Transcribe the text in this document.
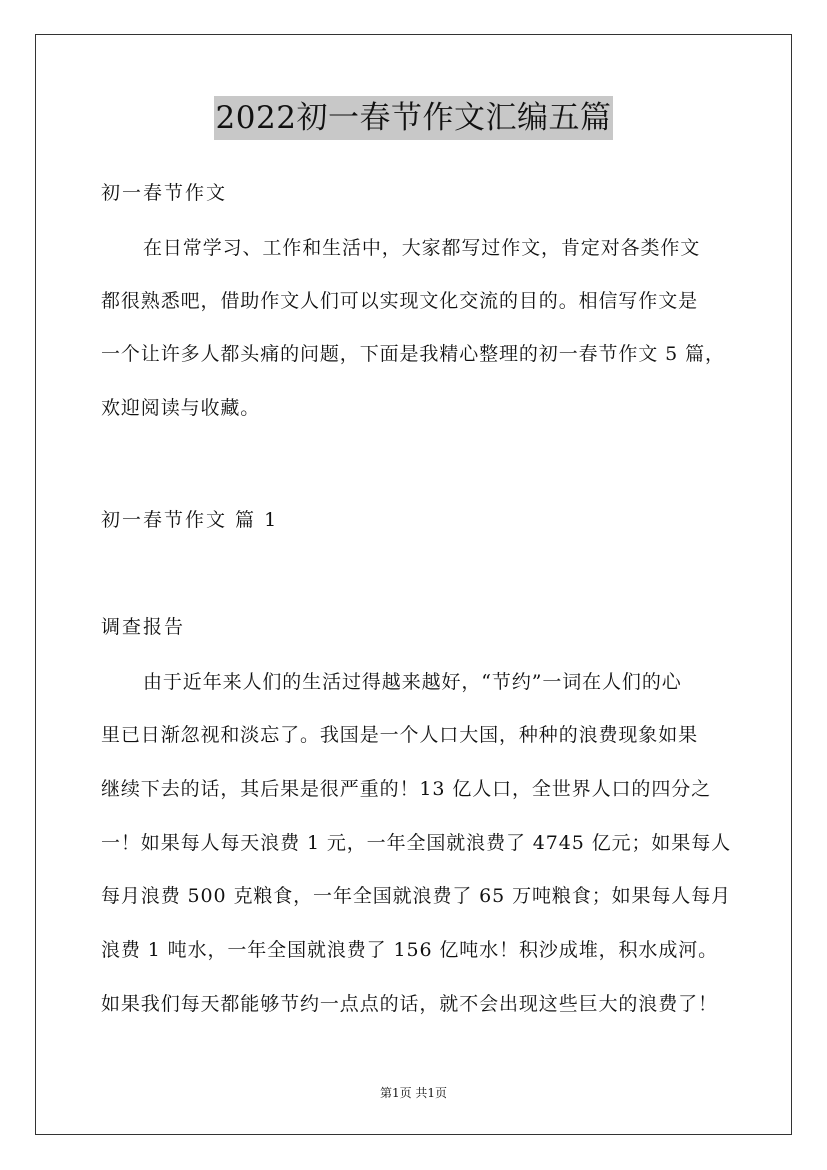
2022初一春节作文汇编五篇
初一春节作文
在日常学习、工作和生活中，大家都写过作文，肯定对各类作文
都很熟悉吧，借助作文人们可以实现文化交流的目的。相信写作文是
一个让许多人都头痛的问题，下面是我精心整理的初一春节作文 5 篇，
欢迎阅读与收藏。
初一春节作文 篇 1
调查报告
由于近年来人们的生活过得越来越好，“节约”一词在人们的心
里已日渐忽视和淡忘了。我国是一个人口大国，种种的浪费现象如果
继续下去的话，其后果是很严重的！13 亿人口，全世界人口的四分之
一！如果每人每天浪费 1 元，一年全国就浪费了 4745 亿元；如果每人
每月浪费 500 克粮食，一年全国就浪费了 65 万吨粮食；如果每人每月
浪费 1 吨水，一年全国就浪费了 156 亿吨水！积沙成堆，积水成河。
如果我们每天都能够节约一点点的话，就不会出现这些巨大的浪费了！
第1页 共1页
